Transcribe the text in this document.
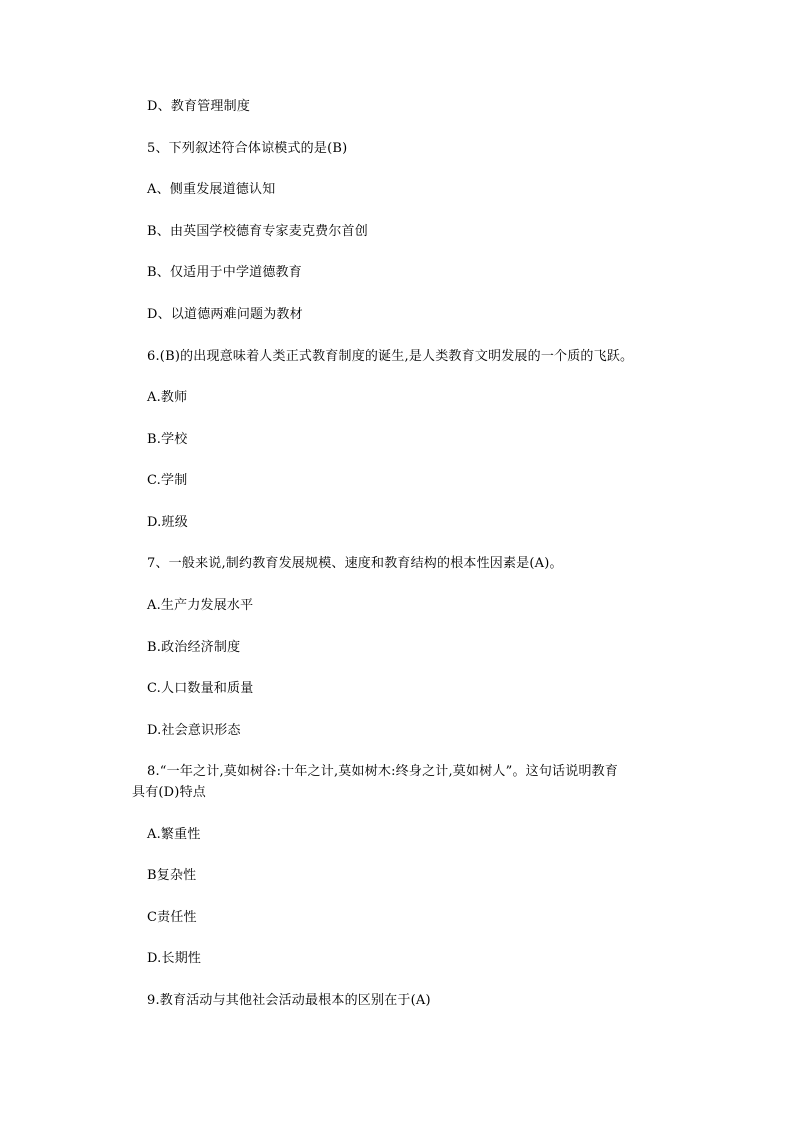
D、教育管理制度
5、下列叙述符合体谅模式的是(B)
A、侧重发展道德认知
B、由英国学校德育专家麦克费尔首创
B、仅适用于中学道德教育
D、以道德两难问题为教材
6.(B)的出现意味着人类正式教育制度的诞生,是人类教育文明发展的一个质的飞跃。
A.教师
B.学校
C.学制
D.班级
7、一般来说,制约教育发展规模、速度和教育结构的根本性因素是(A)。
A.生产力发展水平
B.政治经济制度
C.人口数量和质量
D.社会意识形态
8.“一年之计,莫如树谷:十年之计,莫如树木:终身之计,莫如树人”。这句话说明教育
具有(D)特点
A.繁重性
B复杂性
C责任性
D.长期性
9.教育活动与其他社会活动最根本的区别在于(A)
